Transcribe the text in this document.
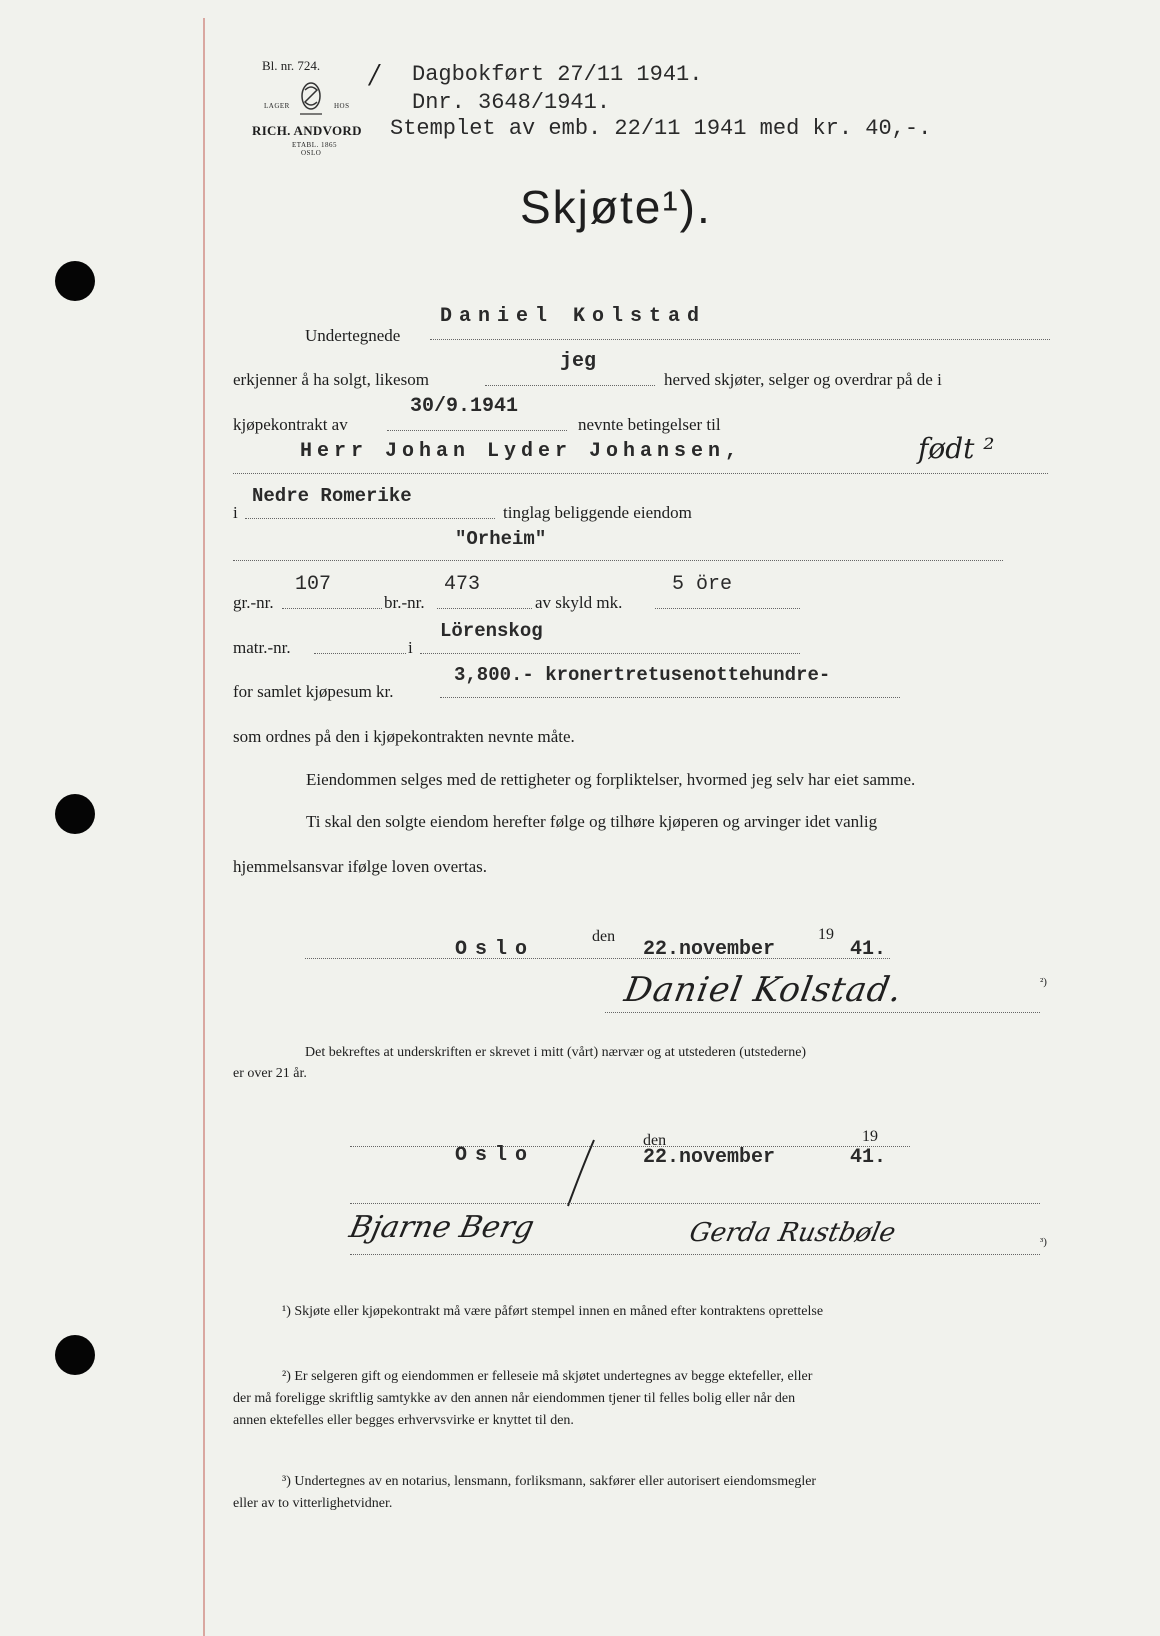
Bl. nr. 724.
LAGER	HOS
RICH. ANDVORD
ETABL. 1865
OSLO
/ Dagbokført 27/11 1941.
Dnr. 3648/1941.
Stemplet av emb. 22/11 1941 med kr. 40,-.
Skjøte¹).
Undertegnede
Daniel Kolstad
erkjenner å ha solgt, likesom
jeg
herved skjøter, selger og overdrar på de i
kjøpekontrakt av
30/9.1941
nevnte betingelser til
Herr Johan Lyder Johansen,	født ²
i
Nedre Romerike
tinglag beliggende eiendom
"Orheim"
gr.-nr.
107
br.-nr.
473
av skyld mk.
5 öre
matr.-nr.	i
Lörenskog
for samlet kjøpesum kr.
3,800.- kronertretusenottehundre-
som ordnes på den i kjøpekontrakten nevnte måte.
Eiendommen selges med de rettigheter og forpliktelser, hvormed jeg selv har eiet samme.
Ti skal den solgte eiendom herefter følge og tilhøre kjøperen og arvinger idet vanlig
hjemmelsansvar ifølge loven overtas.
den	19
Oslo	22.november	41.
Daniel Kolstad.	²)
Det bekreftes at underskriften er skrevet i mitt (vårt) nærvær og at utstederen (utstederne)
er over 21 år.
den	19
Oslo	22.november	41.
Bjarne Berg	Gerda Rustbøle	³)
¹) Skjøte eller kjøpekontrakt må være påført stempel innen en måned efter kontraktens oprettelse
²) Er selgeren gift og eiendommen er felleseie må skjøtet undertegnes av begge ektefeller, eller
der må foreligge skriftlig samtykke av den annen når eiendommen tjener til felles bolig eller når den
annen ektefelles eller begges erhvervsvirke er knyttet til den.
³) Undertegnes av en notarius, lensmann, forliksmann, sakfører eller autorisert eiendomsmegler
eller av to vitterlighetvidner.
